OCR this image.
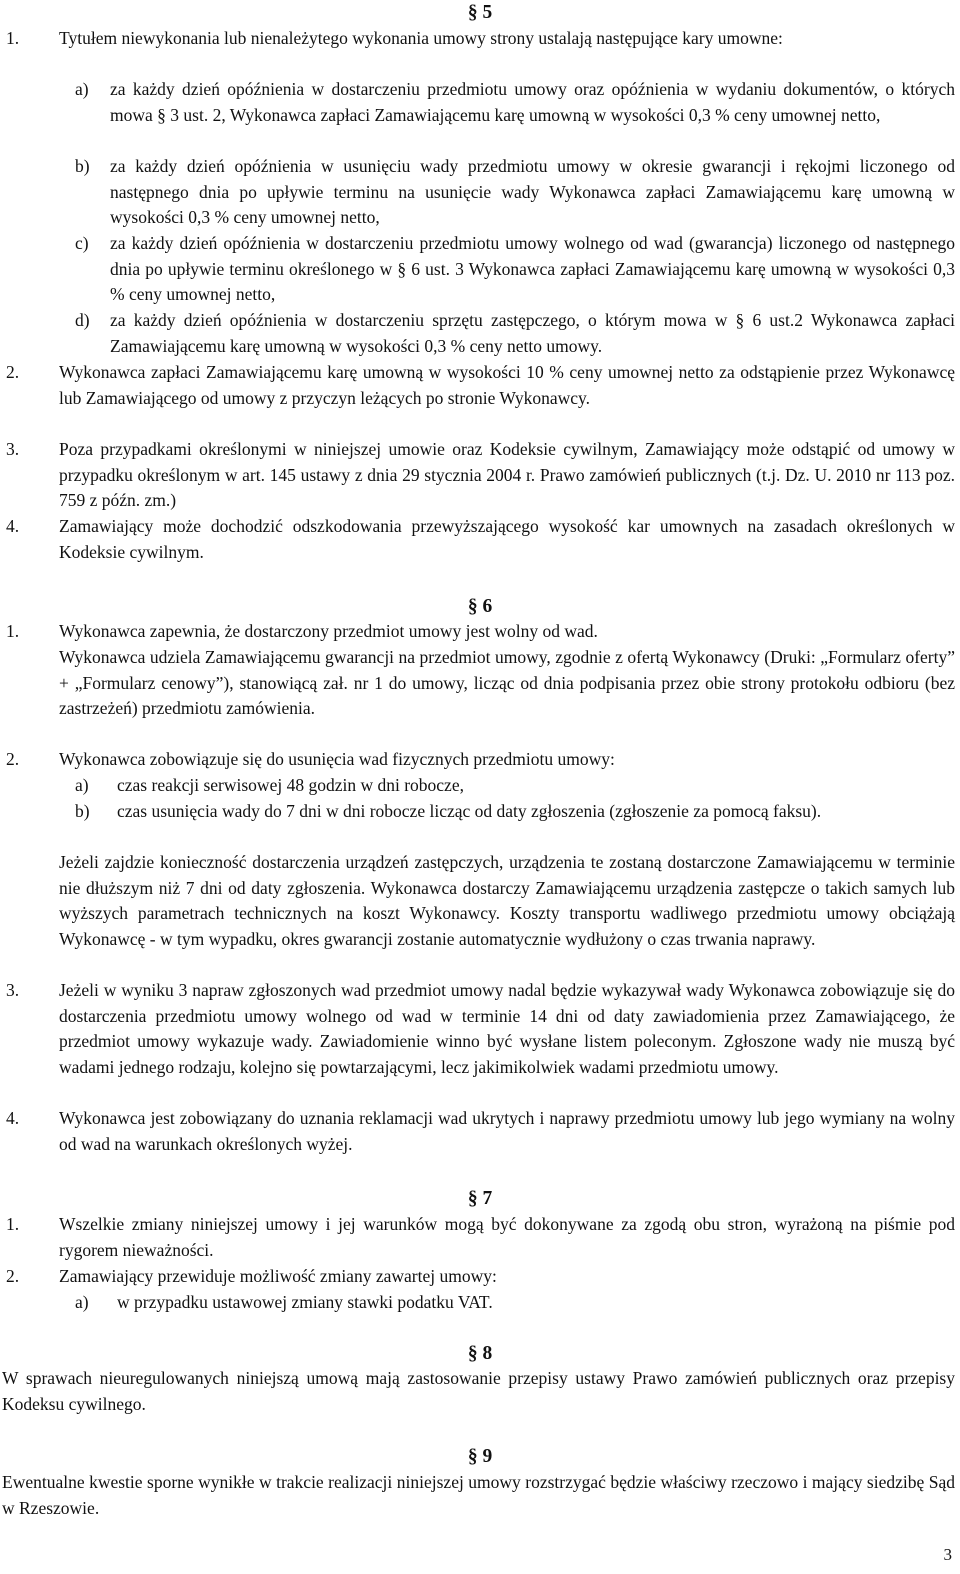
§ 5
1. Tytułem niewykonania lub nienależytego wykonania umowy strony ustalają następujące kary umowne:
a) za każdy dzień opóźnienia w dostarczeniu przedmiotu umowy oraz opóźnienia w wydaniu dokumentów, o których mowa § 3 ust. 2, Wykonawca zapłaci Zamawiającemu karę umowną w wysokości 0,3 % ceny umownej netto,
b) za każdy dzień opóźnienia w usunięciu wady przedmiotu umowy w okresie gwarancji i rękojmi liczonego od następnego dnia po upływie terminu na usunięcie wady Wykonawca zapłaci Zamawiającemu karę umowną w wysokości 0,3 % ceny umownej netto,
c) za każdy dzień opóźnienia w dostarczeniu przedmiotu umowy wolnego od wad (gwarancja) liczonego od następnego dnia po upływie terminu określonego w § 6 ust. 3 Wykonawca zapłaci Zamawiającemu karę umowną w wysokości 0,3 % ceny umownej netto,
d) za każdy dzień opóźnienia w dostarczeniu sprzętu zastępczego, o którym mowa w § 6 ust.2 Wykonawca zapłaci Zamawiającemu karę umowną w wysokości 0,3 % ceny netto umowy.
2. Wykonawca zapłaci Zamawiającemu karę umowną w wysokości 10 % ceny umownej netto za odstąpienie przez Wykonawcę lub Zamawiającego od umowy z przyczyn leżących po stronie Wykonawcy.
3. Poza przypadkami określonymi w niniejszej umowie oraz Kodeksie cywilnym, Zamawiający może odstąpić od umowy w przypadku określonym w art. 145 ustawy z dnia 29 stycznia 2004 r. Prawo zamówień publicznych (t.j. Dz. U. 2010 nr 113 poz. 759 z późn. zm.)
4. Zamawiający może dochodzić odszkodowania przewyższającego wysokość kar umownych na zasadach określonych w Kodeksie cywilnym.
§ 6
1. Wykonawca zapewnia, że dostarczony przedmiot umowy jest wolny od wad.
Wykonawca udziela Zamawiającemu gwarancji na przedmiot umowy, zgodnie z ofertą Wykonawcy (Druki: „Formularz oferty” + „Formularz cenowy”), stanowiącą zał. nr 1 do umowy, licząc od dnia podpisania przez obie strony protokołu odbioru (bez zastrzeżeń) przedmiotu zamówienia.
2. Wykonawca zobowiązuje się do usunięcia wad fizycznych przedmiotu umowy:
a) czas reakcji serwisowej 48 godzin w dni robocze,
b) czas usunięcia wady do 7 dni w dni robocze licząc od daty zgłoszenia (zgłoszenie za pomocą faksu).
Jeżeli zajdzie konieczność dostarczenia urządzeń zastępczych, urządzenia te zostaną dostarczone Zamawiającemu w terminie nie dłuższym niż 7 dni od daty zgłoszenia. Wykonawca dostarczy Zamawiającemu urządzenia zastępcze o takich samych lub wyższych parametrach technicznych na koszt Wykonawcy. Koszty transportu wadliwego przedmiotu umowy obciążają Wykonawcę - w tym wypadku, okres gwarancji zostanie automatycznie wydłużony o czas trwania naprawy.
3. Jeżeli w wyniku 3 napraw zgłoszonych wad przedmiot umowy nadal będzie wykazywał wady Wykonawca zobowiązuje się do dostarczenia przedmiotu umowy wolnego od wad w terminie 14 dni od daty zawiadomienia przez Zamawiającego, że przedmiot umowy wykazuje wady. Zawiadomienie winno być wysłane listem poleconym. Zgłoszone wady nie muszą być wadami jednego rodzaju, kolejno się powtarzającymi, lecz jakimikolwiek wadami przedmiotu umowy.
4. Wykonawca jest zobowiązany do uznania reklamacji wad ukrytych i naprawy przedmiotu umowy lub jego wymiany na wolny od wad na warunkach określonych wyżej.
§ 7
1. Wszelkie zmiany niniejszej umowy i jej warunków mogą być dokonywane za zgodą obu stron, wyrażoną na piśmie pod rygorem nieważności.
2. Zamawiający przewiduje możliwość zmiany zawartej umowy:
a) w przypadku ustawowej zmiany stawki podatku VAT.
§ 8
W sprawach nieuregulowanych niniejszą umową mają zastosowanie przepisy ustawy Prawo zamówień publicznych oraz przepisy Kodeksu cywilnego.
§ 9
Ewentualne kwestie sporne wynikłe w trakcie realizacji niniejszej umowy rozstrzygać będzie właściwy rzeczowo i mający siedzibę Sąd w Rzeszowie.
3
